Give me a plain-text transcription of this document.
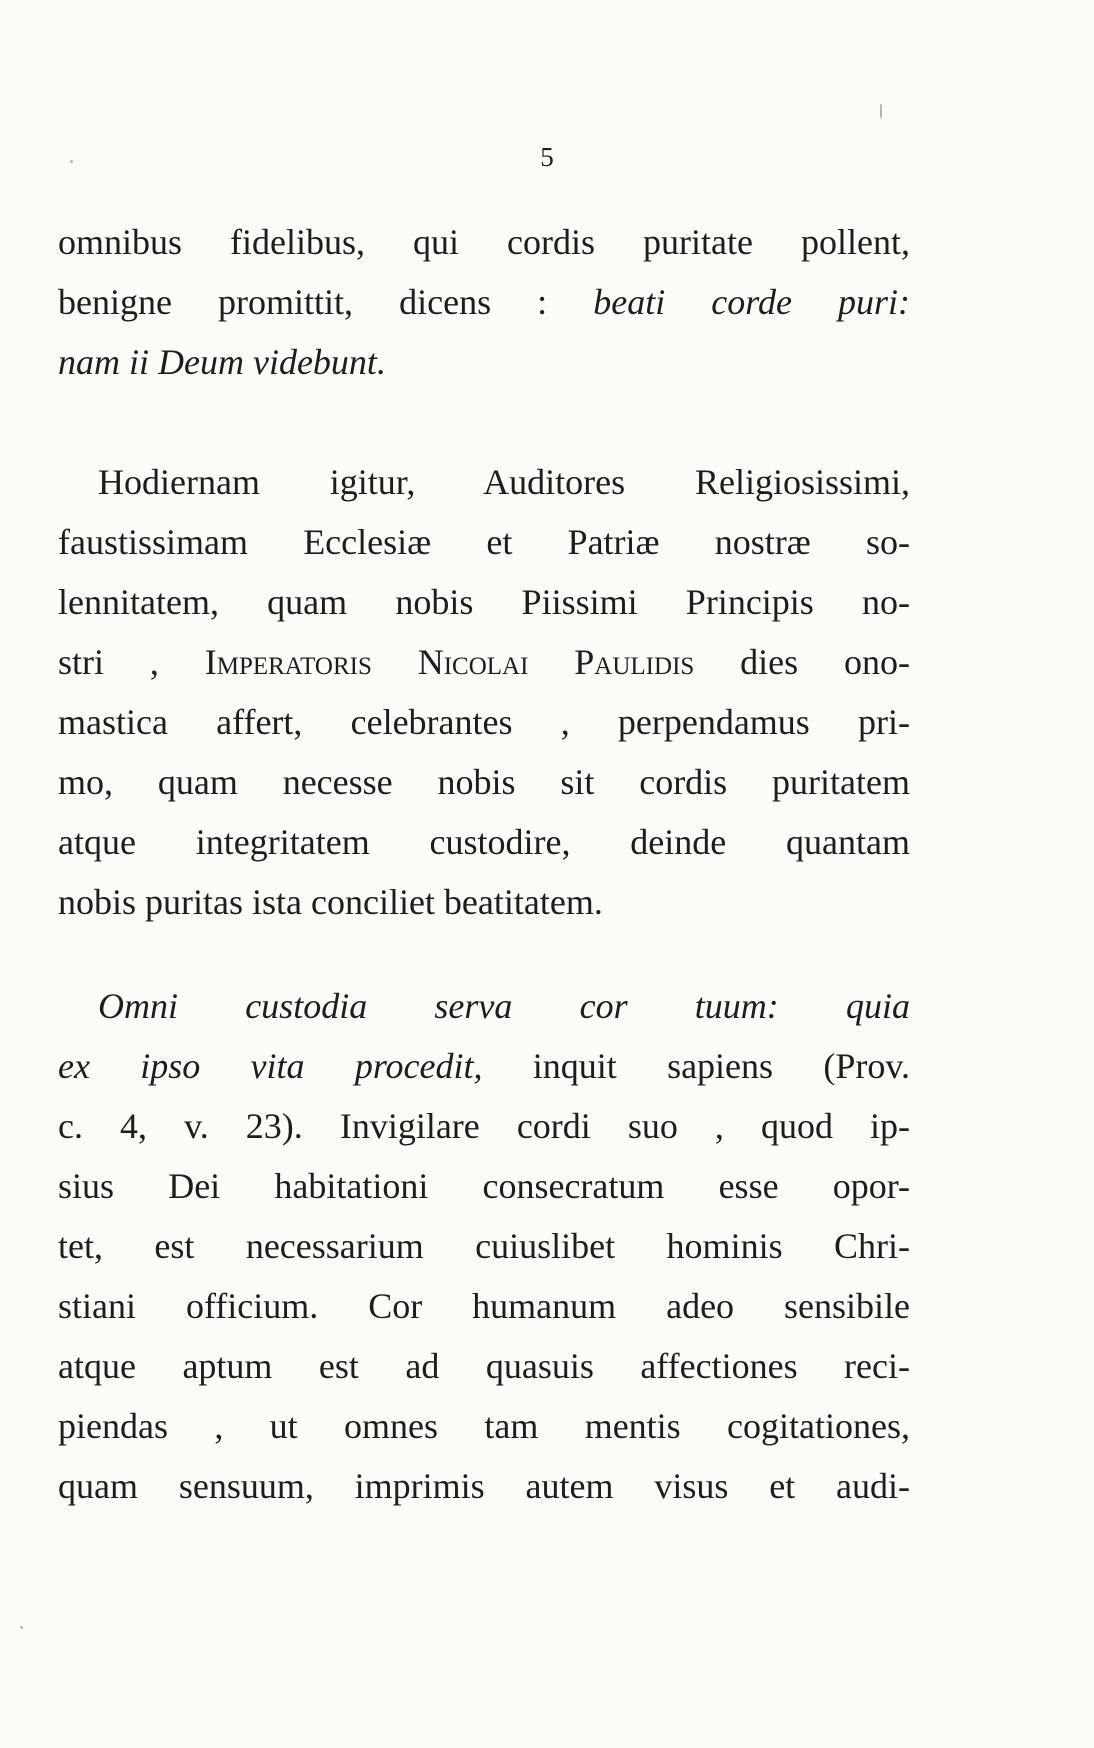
5
omnibus fidelibus, qui cordis puritate pollent,
benigne promittit, dicens : beati corde puri:
nam ii Deum videbunt.
Hodiernam igitur, Auditores Religiosissimi,
faustissimam Ecclesiæ et Patriæ nostræ so-
lennitatem, quam nobis Piissimi Principis no-
stri , Imperatoris Nicolai Paulidis dies ono-
mastica affert, celebrantes , perpendamus pri-
mo, quam necesse nobis sit cordis puritatem
atque integritatem custodire, deinde quantam
nobis puritas ista conciliet beatitatem.
Omni custodia serva cor tuum: quia
ex ipso vita procedit, inquit sapiens (Prov.
c. 4, v. 23). Invigilare cordi suo , quod ip-
sius Dei habitationi consecratum esse opor-
tet, est necessarium cuiuslibet hominis Chri-
stiani officium. Cor humanum adeo sensibile
atque aptum est ad quasuis affectiones reci-
piendas , ut omnes tam mentis cogitationes,
quam sensuum, imprimis autem visus et audi-
